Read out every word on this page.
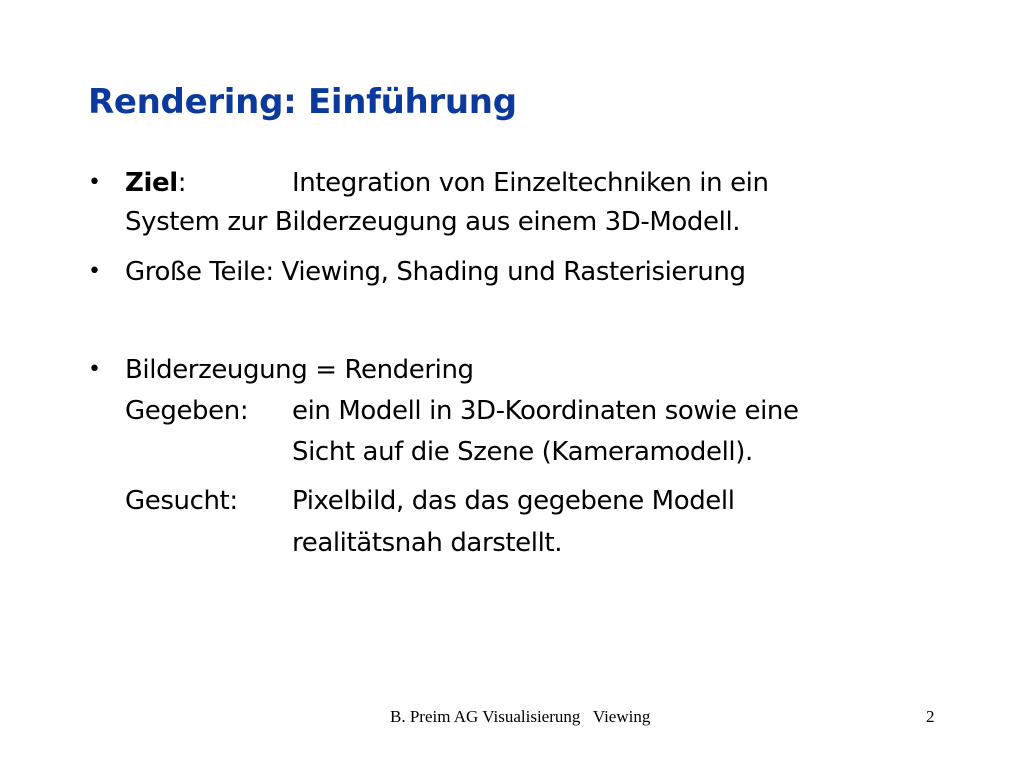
Rendering: Einführung
• Ziel:	Integration von Einzeltechniken in ein
System zur Bilderzeugung aus einem 3D-Modell.
• Große Teile: Viewing, Shading und Rasterisierung
• Bilderzeugung = Rendering
Gegeben: ein Modell in 3D-Koordinaten sowie eine
Sicht auf die Szene (Kameramodell).
Gesucht: Pixelbild, das das gegebene Modell
realitätsnah darstellt.
B. Preim AG Visualisierung   Viewing	2
